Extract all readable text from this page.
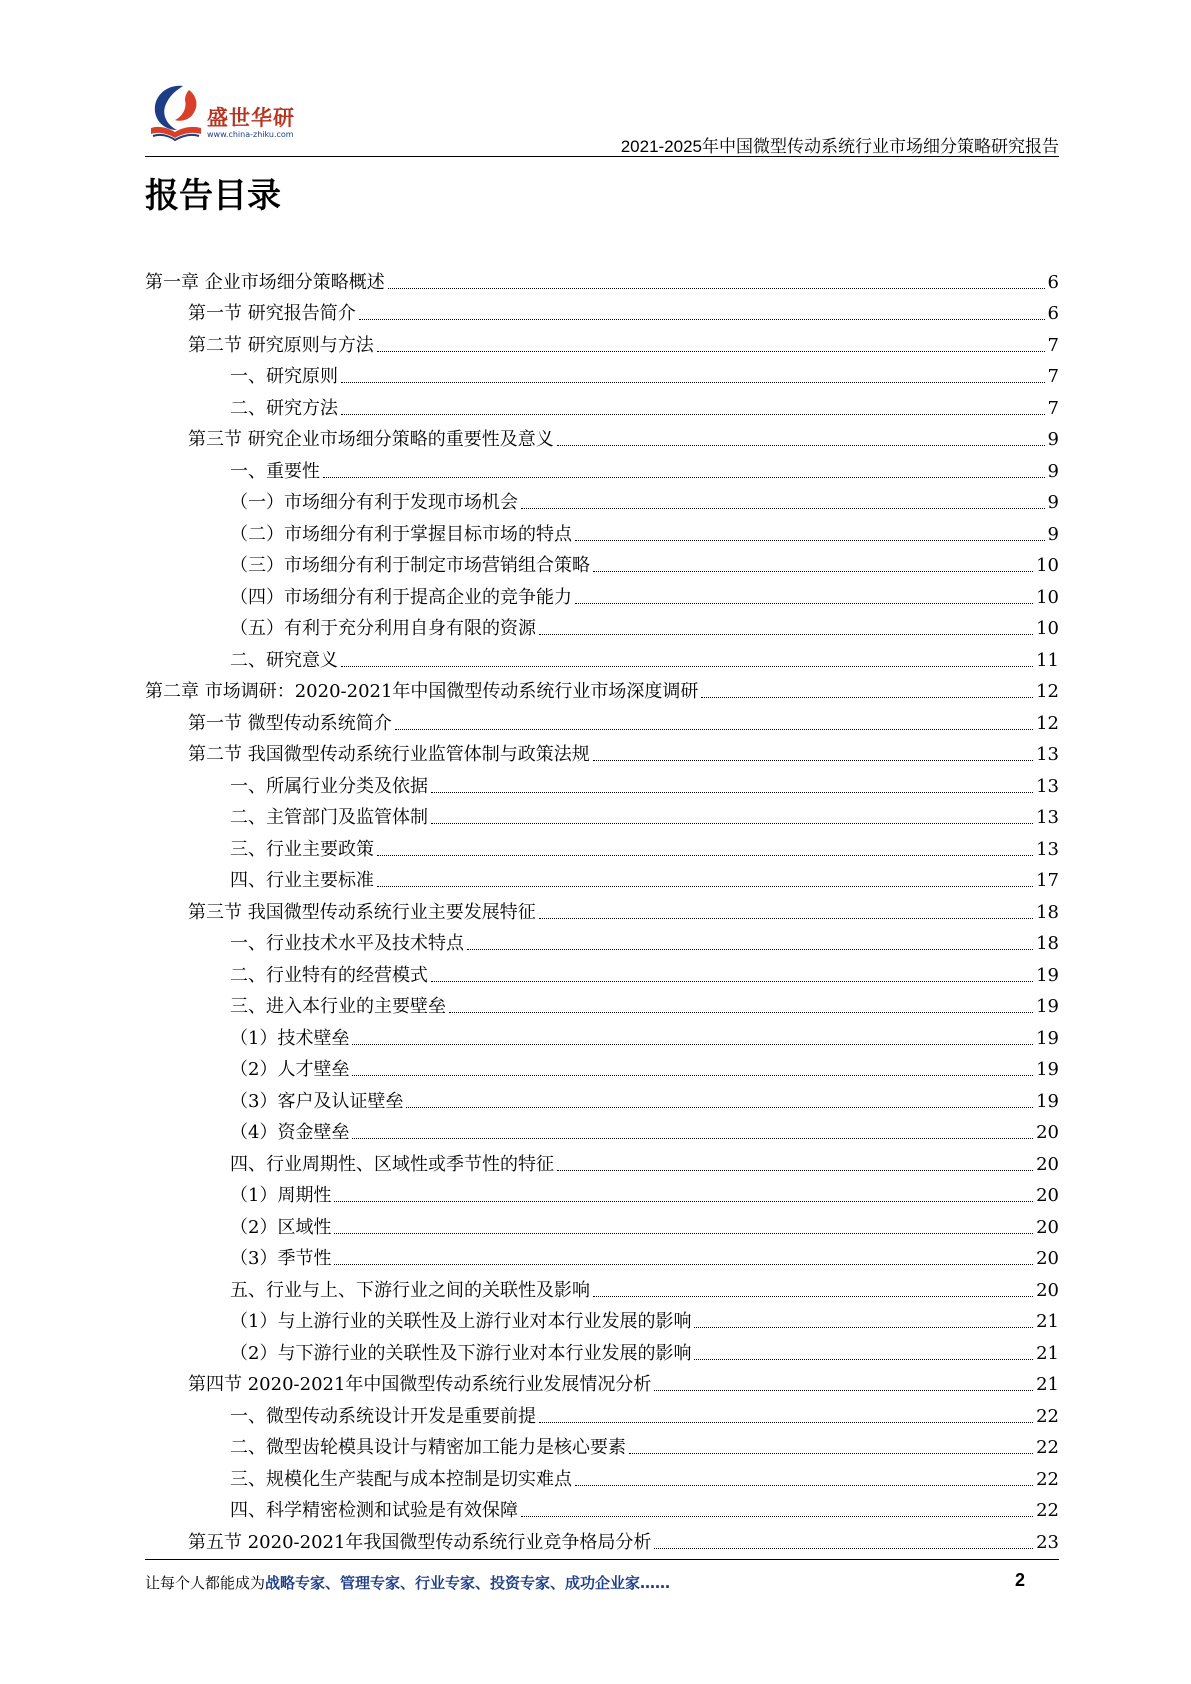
盛世华研
www.china-zhiku.com
2021-2025年中国微型传动系统行业市场细分策略研究报告
报告目录
第一章 企业市场细分策略概述	6
第一节 研究报告简介	6
第二节 研究原则与方法	7
一、研究原则	7
二、研究方法	7
第三节 研究企业市场细分策略的重要性及意义	9
一、重要性	9
（一）市场细分有利于发现市场机会	9
（二）市场细分有利于掌握目标市场的特点	9
（三）市场细分有利于制定市场营销组合策略	10
（四）市场细分有利于提高企业的竞争能力	10
（五）有利于充分利用自身有限的资源	10
二、研究意义	11
第二章 市场调研：2020-2021年中国微型传动系统行业市场深度调研	12
第一节 微型传动系统简介	12
第二节 我国微型传动系统行业监管体制与政策法规	13
一、所属行业分类及依据	13
二、主管部门及监管体制	13
三、行业主要政策	13
四、行业主要标准	17
第三节 我国微型传动系统行业主要发展特征	18
一、行业技术水平及技术特点	18
二、行业特有的经营模式	19
三、进入本行业的主要壁垒	19
（1）技术壁垒	19
（2）人才壁垒	19
（3）客户及认证壁垒	19
（4）资金壁垒	20
四、行业周期性、区域性或季节性的特征	20
（1）周期性	20
（2）区域性	20
（3）季节性	20
五、行业与上、下游行业之间的关联性及影响	20
（1）与上游行业的关联性及上游行业对本行业发展的影响	21
（2）与下游行业的关联性及下游行业对本行业发展的影响	21
第四节 2020-2021年中国微型传动系统行业发展情况分析	21
一、微型传动系统设计开发是重要前提	22
二、微型齿轮模具设计与精密加工能力是核心要素	22
三、规模化生产装配与成本控制是切实难点	22
四、科学精密检测和试验是有效保障	22
第五节 2020-2021年我国微型传动系统行业竞争格局分析	23
让每个人都能成为战略专家、管理专家、行业专家、投资专家、成功企业家……	2
